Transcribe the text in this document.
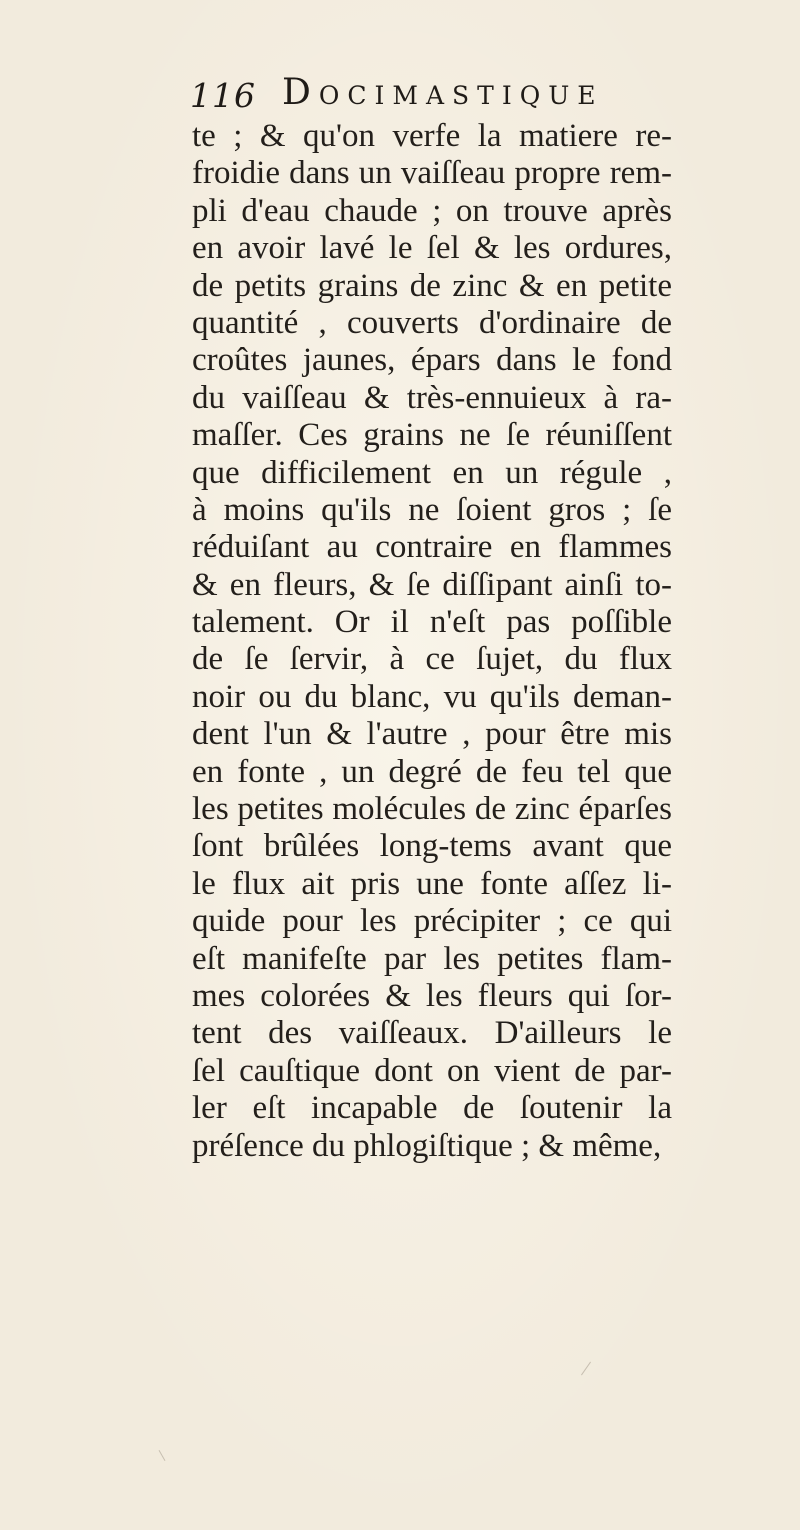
116 Docimastique
te ; & qu'on verfe la matiere re-
froidie dans un vaiſſeau propre rem-
pli d'eau chaude ; on trouve après
en avoir lavé le ſel & les ordures,
de petits grains de zinc & en petite
quantité , couverts d'ordinaire de
croûtes jaunes, épars dans le fond
du vaiſſeau & très-ennuieux à ra-
maſſer. Ces grains ne ſe réuniſſent
que difficilement en un régule ,
à moins qu'ils ne ſoient gros ; ſe
réduiſant au contraire en flammes
& en fleurs, & ſe diſſipant ainſi to-
talement. Or il n'eſt pas poſſible
de ſe ſervir, à ce ſujet, du flux
noir ou du blanc, vu qu'ils deman-
dent l'un & l'autre , pour être mis
en fonte , un degré de feu tel que
les petites molécules de zinc éparſes
ſont brûlées long-tems avant que
le flux ait pris une fonte aſſez li-
quide pour les précipiter ; ce qui
eſt manifeſte par les petites flam-
mes colorées & les fleurs qui ſor-
tent des vaiſſeaux. D'ailleurs le
ſel cauſtique dont on vient de par-
ler eſt incapable de ſoutenir la
préſence du phlogiſtique ; & même,
